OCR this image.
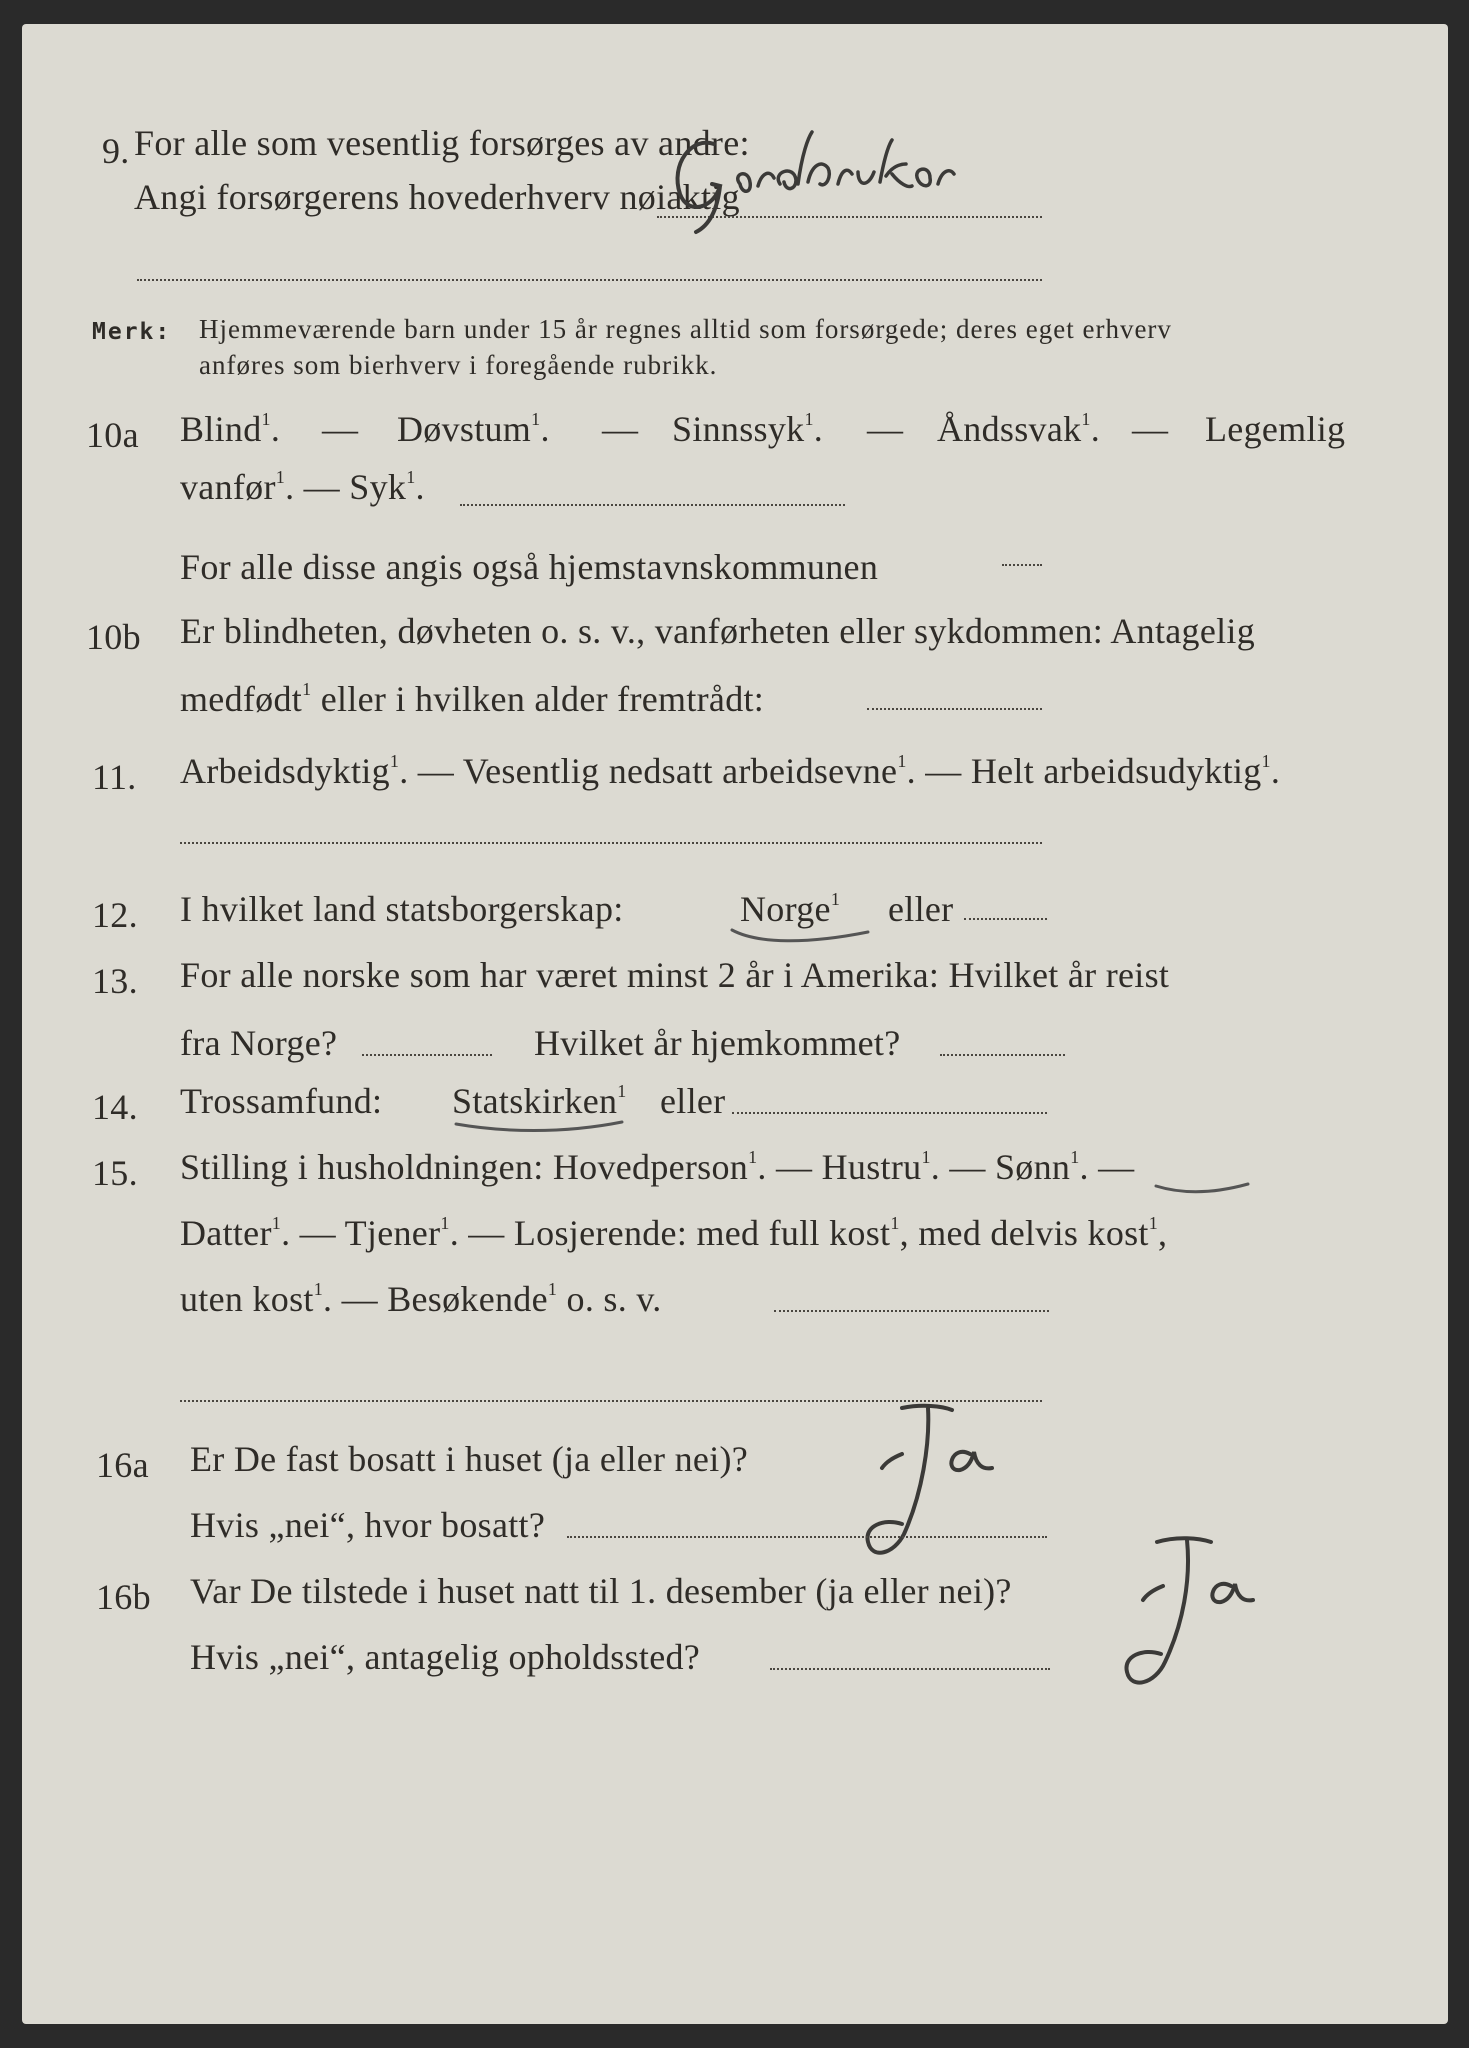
9. For alle som vesentlig forsørges av andre:
Angi forsørgerens hovederhverv nøiaktig
Merk: Hjemmeværende barn under 15 år regnes alltid som forsørgede; deres eget erhverv
anføres som bierhverv i foregående rubrikk.
10a Blind$^1$. — Døvstum$^1$. — Sinnssyk$^1$. — Åndssvak$^1$. — Legemlig
vanfør$^1$. — Syk$^1$.
For alle disse angis også hjemstavnskommunen
10b Er blindheten, døvheten o. s. v., vanførheten eller sykdommen: Antagelig
medfødt$^1$ eller i hvilken alder fremtrådt:
11. Arbeidsdyktig$^1$. — Vesentlig nedsatt arbeidsevne$^1$. — Helt arbeidsudyktig$^1$.
12. I hvilket land statsborgerskap:	Norge$^1$ eller
13. For alle norske som har været minst 2 år i Amerika: Hvilket år reist
fra Norge?	Hvilket år hjemkommet?
14. Trossamfund: Statskirken$^1$ eller
15. Stilling i husholdningen: Hovedperson$^1$. — Hustru$^1$. — Sønn$^1$. —
Datter$^1$. — Tjener$^1$. — Losjerende: med full kost$^1$, med delvis kost$^1$,
uten kost$^1$. — Besøkende$^1$ o. s. v.
16a Er De fast bosatt i huset (ja eller nei)?
Hvis „nei“, hvor bosatt?
16b Var De tilstede i huset natt til 1. desember (ja eller nei)?
Hvis „nei“, antagelig opholdssted?
